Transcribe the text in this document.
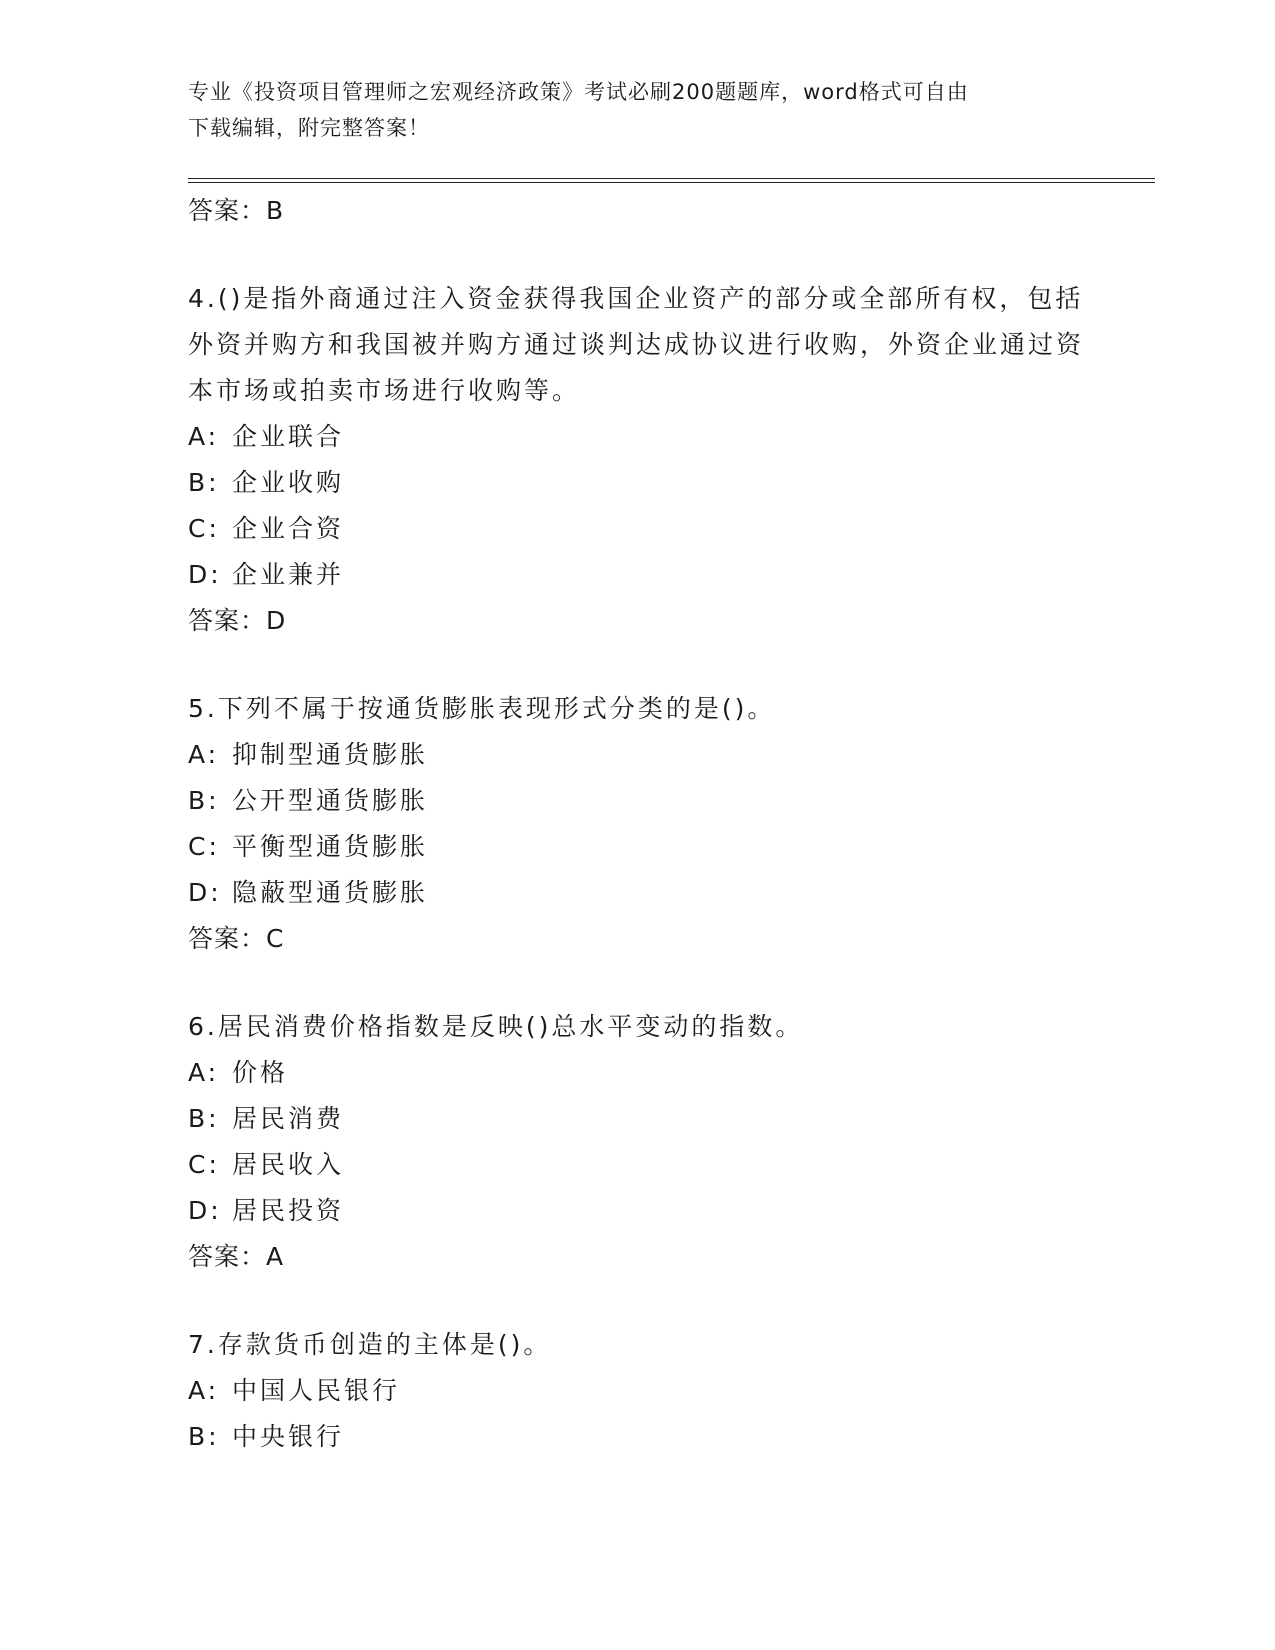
专业《投资项目管理师之宏观经济政策》考试必刷200题题库，word格式可自由
下载编辑，附完整答案！

答案：B

4.()是指外商通过注入资金获得我国企业资产的部分或全部所有权，包括外资并购方和我国被并购方通过谈判达成协议进行收购，外资企业通过资本市场或拍卖市场进行收购等。

A: 企业联合
B: 企业收购
C: 企业合资
D: 企业兼并

答案：D

5.下列不属于按通货膨胀表现形式分类的是()。

A: 抑制型通货膨胀
B: 公开型通货膨胀
C: 平衡型通货膨胀
D: 隐蔽型通货膨胀

答案：C

6.居民消费价格指数是反映()总水平变动的指数。

A: 价格
B: 居民消费
C: 居民收入
D: 居民投资

答案：A

7.存款货币创造的主体是()。

A: 中国人民银行
B: 中央银行
